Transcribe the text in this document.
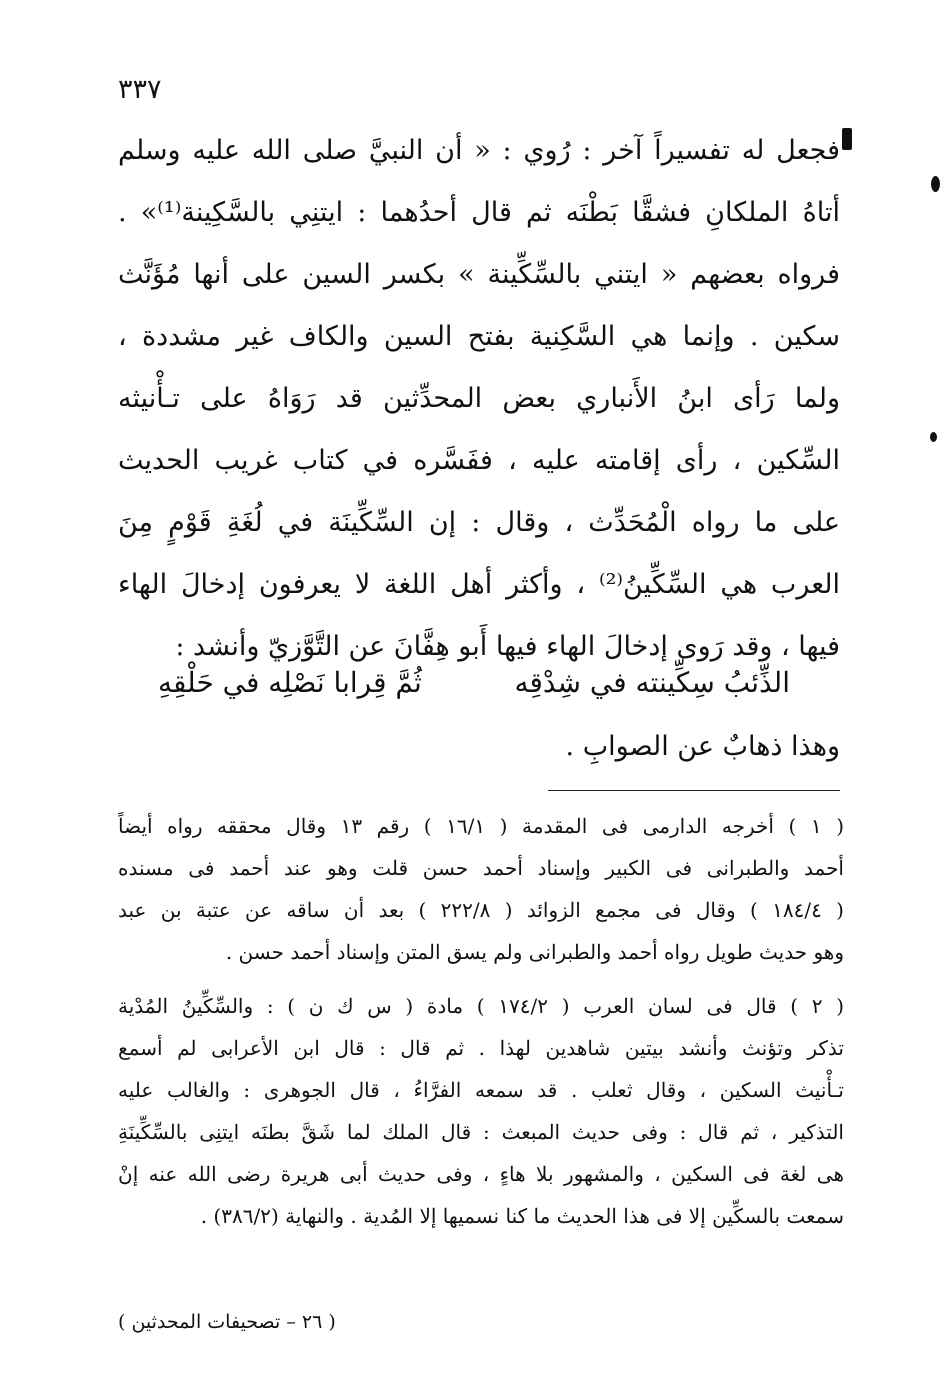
٣٣٧
فجعل له تفسيراً آخر : رُوي : « أن النبيَّ صلى الله عليه وسلم
أتاهُ الملكانِ فشقَّا بَطْنَه ثم قال أحدُهما : ايتنِي بالسَّكِينة⁽¹⁾» .
فرواه بعضهم « ايتني بالسِّكِّينة » بكسر السين على أنها مُؤَنَّث
سكين . وإنما هي السَّكِنية بفتح السين والكاف غير مشددة ،
ولما رَأى ابنُ الأَنباري بعض المحدِّثين قد رَوَاهُ على تـأْنيثه
السِّكين ، رأى إقامته عليه ، ففَسَّره في كتاب غريب الحديث
على ما رواه الْمُحَدِّث ، وقال : إن السِّكِّينَة في لُغَةِ قَوْمٍ مِنَ
العرب هي السِّكِّينُ⁽²⁾ ، وأكثر أهل اللغة لا يعرفون إدخالَ الهاء
فيها ، وقد رَوى إدخالَ الهاء فيها أَبو هِفَّانَ عن التَّوَّزيّ وأنشد :
الذِّئبُ سِكِّينته في شِدْقِه
ثُمَّ قِرابا نَصْلِه في حَلْقِهِ
وهذا ذهابٌ عن الصوابِ .
( ١ ) أخرجه الدارمى فى المقدمة ( ١٦/١ ) رقم ١٣ وقال محققه رواه أيضاً
أحمد والطبرانى فى الكبير وإسناد أحمد حسن قلت وهو عند أحمد فى مسنده
( ١٨٤/٤ ) وقال فى مجمع الزوائد ( ٢٢٢/٨ ) بعد أن ساقه عن عتبة بن عبد
وهو حديث طويل رواه أحمد والطبرانى ولم يسق المتن وإسناد أحمد حسن .
( ٢ ) قال فى لسان العرب ( ١٧٤/٢ ) مادة ( س ك ن ) : والسِّكِّينُ المُدْية
تذكر وتؤنث وأنشد بيتين شاهدين لهذا . ثم قال : قال ابن الأعرابى لم أسمع
تـأْنيث السكين ، وقال ثعلب . قد سمعه الفرَّاءُ ، قال الجوهرى : والغالب عليه
التذكير ، ثم قال : وفى حديث المبعث : قال الملك لما شَقَّ بطنَه ايتنِى بالسِّكِّينَةِ
هى لغة فى السكين ، والمشهور بلا هاءٍ ، وفى حديث أبى هريرة رضى الله عنه إنْ
سمعت بالسكِّين إلا فى هذا الحديث ما كنا نسميها إلا المُدية . والنهاية (٣٨٦/٢) .
( ٢٦ – تصحيفات المحدثين )
